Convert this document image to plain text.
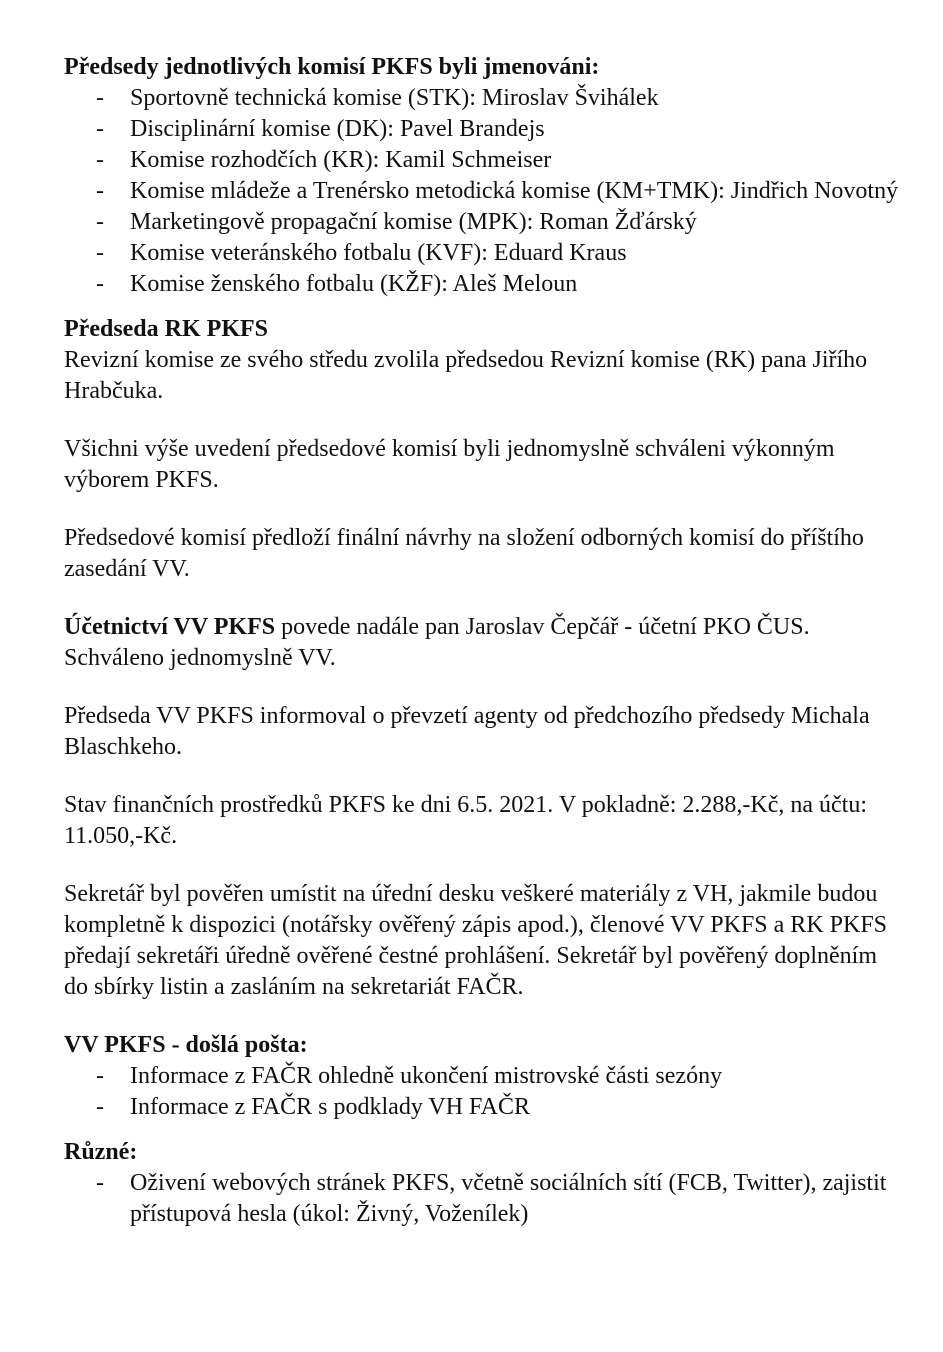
Předsedy jednotlivých komisí PKFS byli jmenováni:

- Sportovně technická komise (STK): Miroslav Švihálek
- Disciplinární komise (DK): Pavel Brandejs
- Komise rozhodčích (KR): Kamil Schmeiser
- Komise mládeže a Trenérsko metodická komise (KM+TMK): Jindřich Novotný
- Marketingově propagační komise (MPK): Roman Žďárský
- Komise veteránského fotbalu (KVF): Eduard Kraus
- Komise ženského fotbalu (KŽF): Aleš Meloun

Předseda RK PKFS

Revizní komise ze svého středu zvolila předsedou Revizní komise (RK) pana Jiřího Hrabčuka.

Všichni výše uvedení předsedové komisí byli jednomyslně schváleni výkonným výborem PKFS.

Předsedové komisí předloží finální návrhy na složení odborných komisí do příštího zasedání VV.

Účetnictví VV PKFS povede nadále pan Jaroslav Čepčář - účetní PKO ČUS. Schváleno jednomyslně VV.

Předseda VV PKFS informoval o převzetí agenty od předchozího předsedy Michala Blaschkeho.

Stav finančních prostředků PKFS ke dni 6.5. 2021. V pokladně: 2.288,-Kč, na účtu: 11.050,-Kč.

Sekretář byl pověřen umístit na úřední desku veškeré materiály z VH, jakmile budou kompletně k dispozici (notářsky ověřený zápis apod.), členové VV PKFS a RK PKFS předají sekretáři úředně ověřené čestné prohlášení. Sekretář byl pověřený doplněním do sbírky listin a zasláním na sekretariát FAČR.

VV PKFS - došlá pošta:

- Informace z FAČR ohledně ukončení mistrovské části sezóny
- Informace z FAČR s podklady VH FAČR

Různé:

- Oživení webových stránek PKFS, včetně sociálních sítí (FCB, Twitter), zajistit přístupová hesla (úkol: Živný, Voženílek)
